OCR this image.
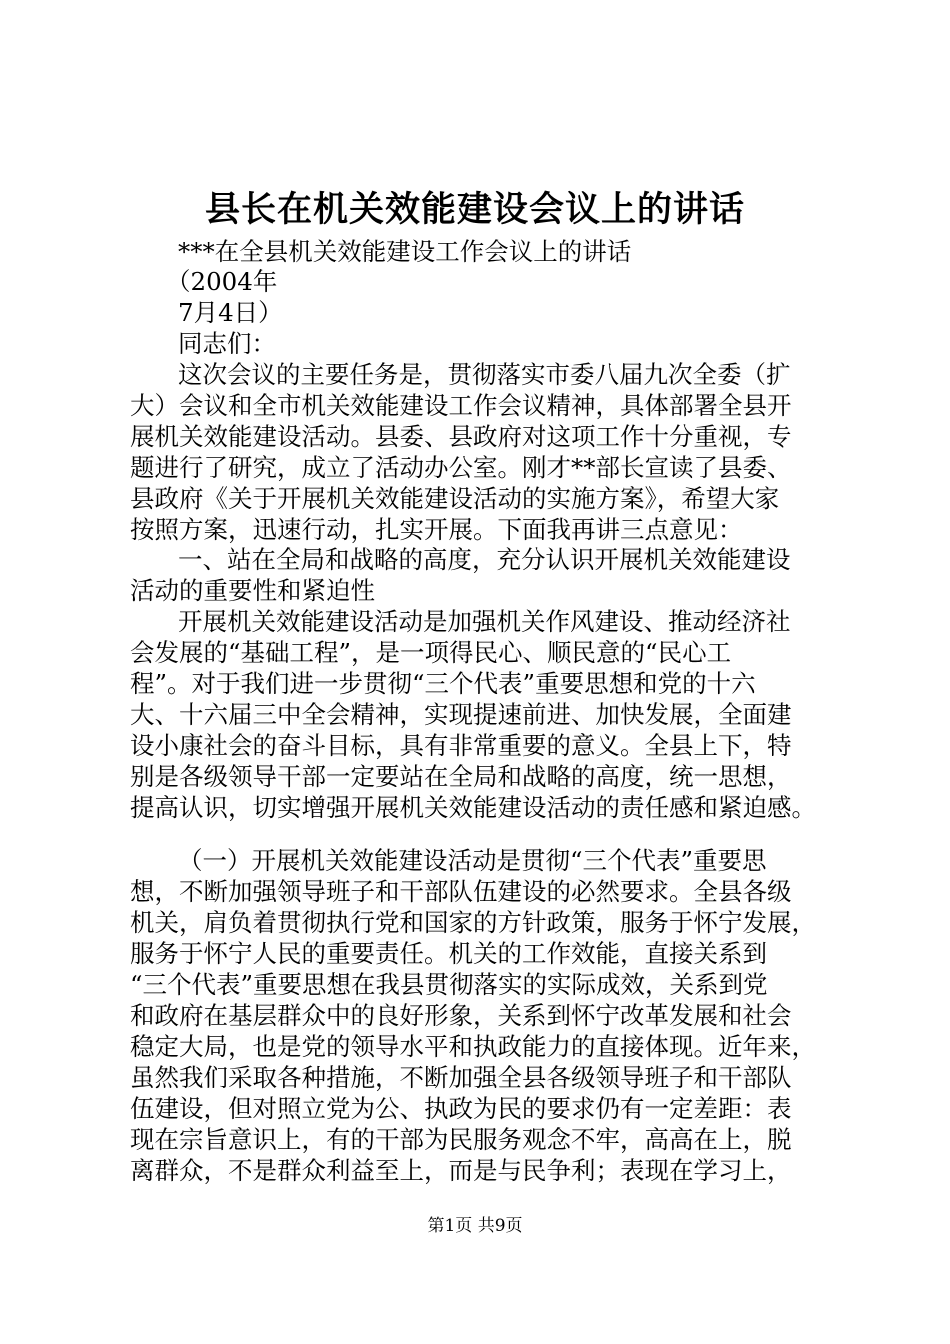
县长在机关效能建设会议上的讲话
***在全县机关效能建设工作会议上的讲话
（2004年
7月4日）
同志们：
这次会议的主要任务是，贯彻落实市委八届九次全委（扩
大）会议和全市机关效能建设工作会议精神，具体部署全县开
展机关效能建设活动。县委、县政府对这项工作十分重视，专
题进行了研究，成立了活动办公室。刚才**部长宣读了县委、
县政府《关于开展机关效能建设活动的实施方案》，希望大家
按照方案，迅速行动，扎实开展。下面我再讲三点意见：
一、站在全局和战略的高度，充分认识开展机关效能建设
活动的重要性和紧迫性
开展机关效能建设活动是加强机关作风建设、推动经济社
会发展的“基础工程”，是一项得民心、顺民意的“民心工
程”。对于我们进一步贯彻“三个代表”重要思想和党的十六
大、十六届三中全会精神，实现提速前进、加快发展，全面建
设小康社会的奋斗目标，具有非常重要的意义。全县上下，特
别是各级领导干部一定要站在全局和战略的高度，统一思想，
提高认识，切实增强开展机关效能建设活动的责任感和紧迫感。
（一）开展机关效能建设活动是贯彻“三个代表”重要思
想，不断加强领导班子和干部队伍建设的必然要求。全县各级
机关，肩负着贯彻执行党和国家的方针政策，服务于怀宁发展，
服务于怀宁人民的重要责任。机关的工作效能，直接关系到
“三个代表”重要思想在我县贯彻落实的实际成效，关系到党
和政府在基层群众中的良好形象，关系到怀宁改革发展和社会
稳定大局，也是党的领导水平和执政能力的直接体现。近年来，
虽然我们采取各种措施，不断加强全县各级领导班子和干部队
伍建设，但对照立党为公、执政为民的要求仍有一定差距：表
现在宗旨意识上，有的干部为民服务观念不牢，高高在上，脱
离群众，不是群众利益至上，而是与民争利；表现在学习上，
第1页 共9页
